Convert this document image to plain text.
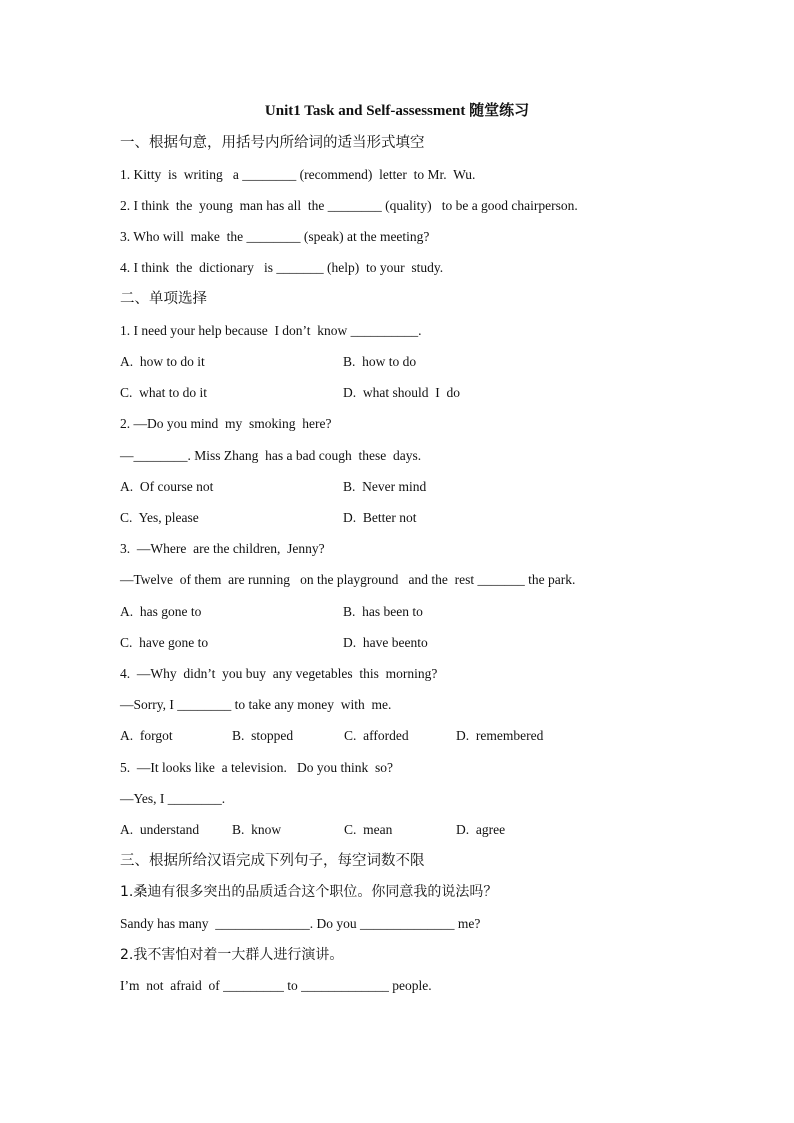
Unit1 Task and Self-assessment 随堂练习
一、根据句意，用括号内所给词的适当形式填空
1. Kitty  is  writing   a ________ (recommend)  letter  to Mr.  Wu.
2. I think  the  young  man has all  the ________ (quality)   to be a good chairperson.
3. Who will  make  the ________ (speak) at the meeting?
4. I think  the  dictionary   is _______ (help)  to your  study.
二、单项选择
1. I need your help because  I don’t  know __________.
A.  how to do it	B.  how to do
C.  what to do it	D.  what should  I  do
2. —Do you mind  my  smoking  here?
—________. Miss Zhang  has a bad cough  these  days.
A.  Of course not	B.  Never mind
C.  Yes, please	D.  Better not
3.  —Where  are the children,  Jenny?
—Twelve  of them  are running   on the playground   and the  rest _______ the park.
A.  has gone to	B.  has been to
C.  have gone to	D.  have beento
4.  —Why  didn’t  you buy  any vegetables  this  morning?
—Sorry, I ________ to take any money  with  me.
A.  forgot	B.  stopped	C.  afforded	D.  remembered
5.  —It looks like  a television.   Do you think  so?
—Yes, I ________.
A.  understand B.  know	C.  mean	D.  agree
三、根据所给汉语完成下列句子，每空词数不限
1.桑迪有很多突出的品质适合这个职位。你同意我的说法吗？
Sandy has many  ______________. Do you ______________ me?
2.我不害怕对着一大群人进行演讲。
I’m  not  afraid  of _________ to _____________ people.
